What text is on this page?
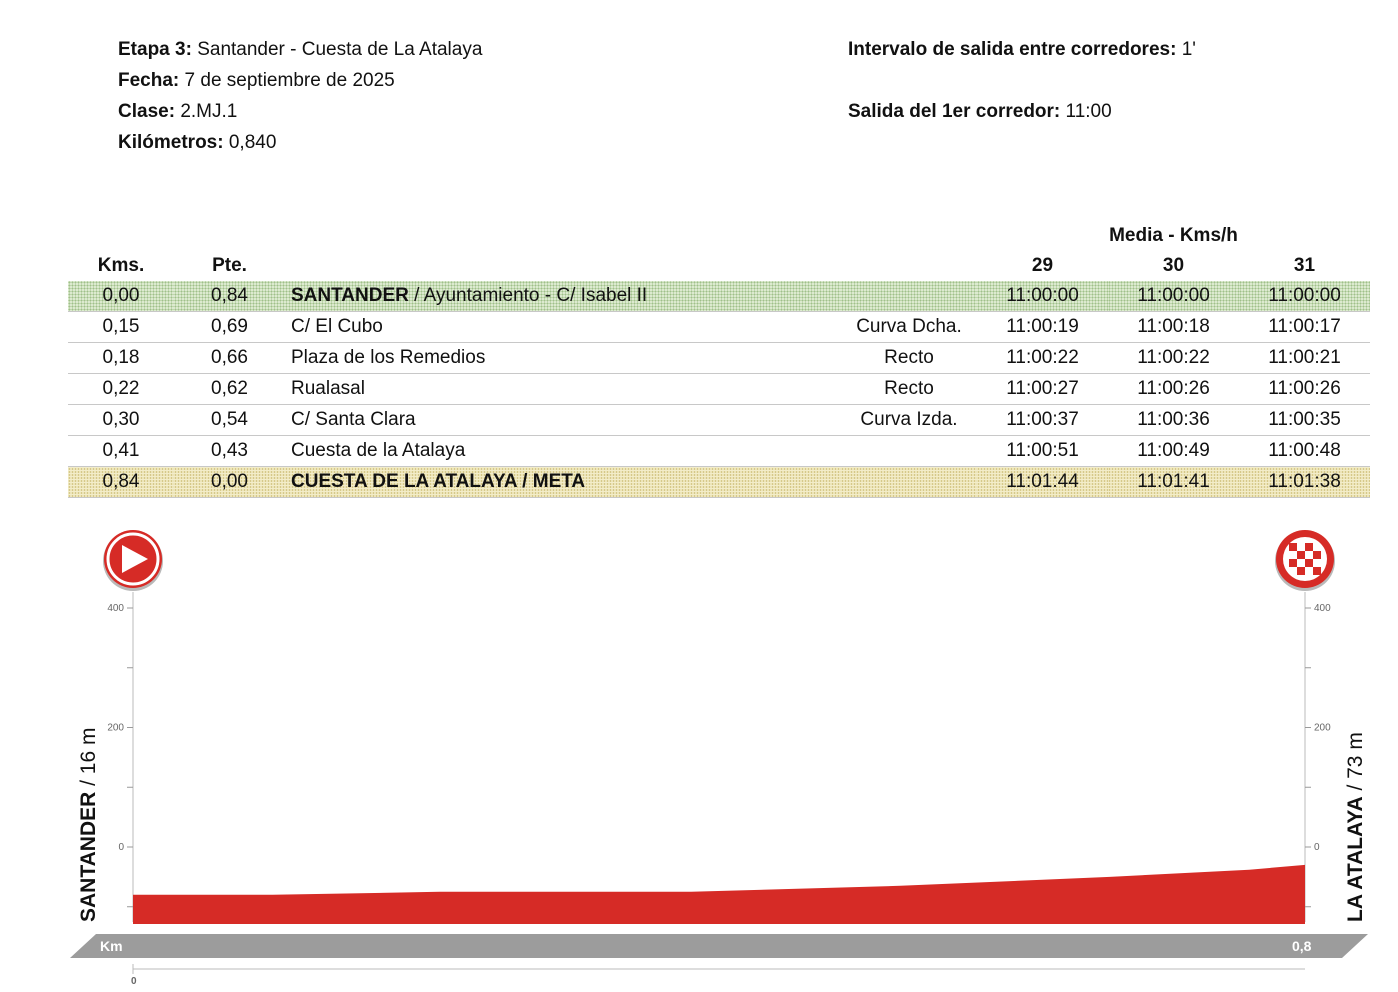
Etapa 3: Santander - Cuesta de La Atalaya
Fecha: 7 de septiembre de 2025
Clase: 2.MJ.1
Kilómetros: 0,840
Intervalo de salida entre corredores: 1'
Salida del 1er corredor: 11:00
				Media - Kms/h		
Kms.	Pte.			29	30	31
0,00	0,84	SANTANDER / Ayuntamiento - C/ Isabel II		11:00:00	11:00:00	11:00:00
0,15	0,69	C/ El Cubo	Curva Dcha.	11:00:19	11:00:18	11:00:17
0,18	0,66	Plaza de los Remedios	Recto	11:00:22	11:00:22	11:00:21
0,22	0,62	Rualasal	Recto	11:00:27	11:00:26	11:00:26
0,30	0,54	C/ Santa Clara	Curva Izda.	11:00:37	11:00:36	11:00:35
0,41	0,43	Cuesta de la Atalaya		11:00:51	11:00:49	11:00:48
0,84	0,00	CUESTA DE LA ATALAYA / META		11:01:44	11:01:41	11:01:38
400	400
200	200
0	0
Km	0,8
0
SANTANDER / 16 m
LA ATALAYA / 73 m
